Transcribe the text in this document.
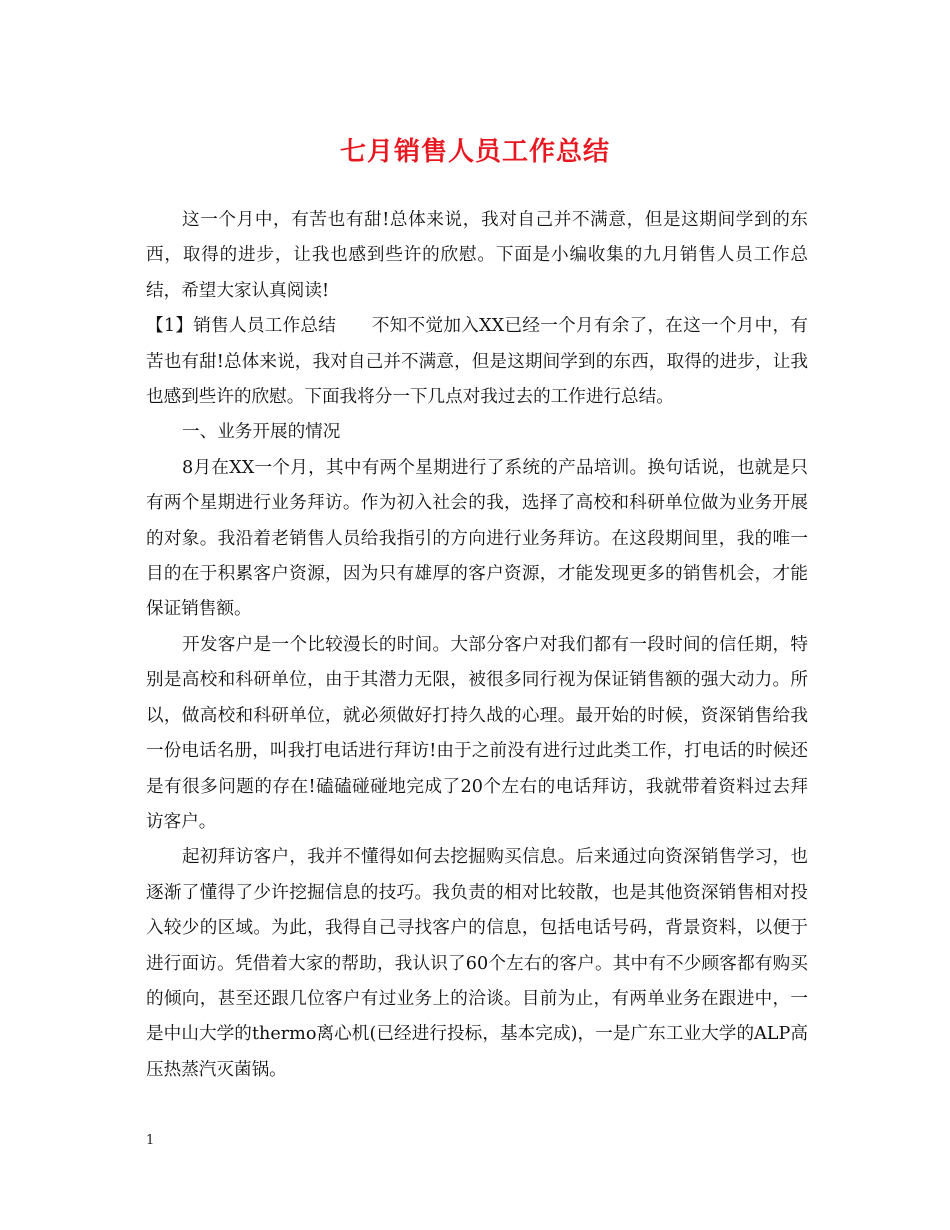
七月销售人员工作总结

这一个月中，有苦也有甜!总体来说，我对自己并不满意，但是这期间学到的东西，取得的进步，让我也感到些许的欣慰。下面是小编收集的九月销售人员工作总结，希望大家认真阅读!

【1】销售人员工作总结　　不知不觉加入XX已经一个月有余了，在这一个月中，有苦也有甜!总体来说，我对自己并不满意，但是这期间学到的东西，取得的进步，让我也感到些许的欣慰。下面我将分一下几点对我过去的工作进行总结。

一、业务开展的情况

8月在XX一个月，其中有两个星期进行了系统的产品培训。换句话说，也就是只有两个星期进行业务拜访。作为初入社会的我，选择了高校和科研单位做为业务开展的对象。我沿着老销售人员给我指引的方向进行业务拜访。在这段期间里，我的唯一目的在于积累客户资源，因为只有雄厚的客户资源，才能发现更多的销售机会，才能保证销售额。

开发客户是一个比较漫长的时间。大部分客户对我们都有一段时间的信任期，特别是高校和科研单位，由于其潜力无限，被很多同行视为保证销售额的强大动力。所以，做高校和科研单位，就必须做好打持久战的心理。最开始的时候，资深销售给我一份电话名册，叫我打电话进行拜访!由于之前没有进行过此类工作，打电话的时候还是有很多问题的存在!磕磕碰碰地完成了20个左右的电话拜访，我就带着资料过去拜访客户。

起初拜访客户，我并不懂得如何去挖掘购买信息。后来通过向资深销售学习，也逐渐了懂得了少许挖掘信息的技巧。我负责的相对比较散，也是其他资深销售相对投入较少的区域。为此，我得自己寻找客户的信息，包括电话号码，背景资料，以便于进行面访。凭借着大家的帮助，我认识了60个左右的客户。其中有不少顾客都有购买的倾向，甚至还跟几位客户有过业务上的洽谈。目前为止，有两单业务在跟进中，一是中山大学的thermo离心机(已经进行投标，基本完成)，一是广东工业大学的ALP高压热蒸汽灭菌锅。

1
